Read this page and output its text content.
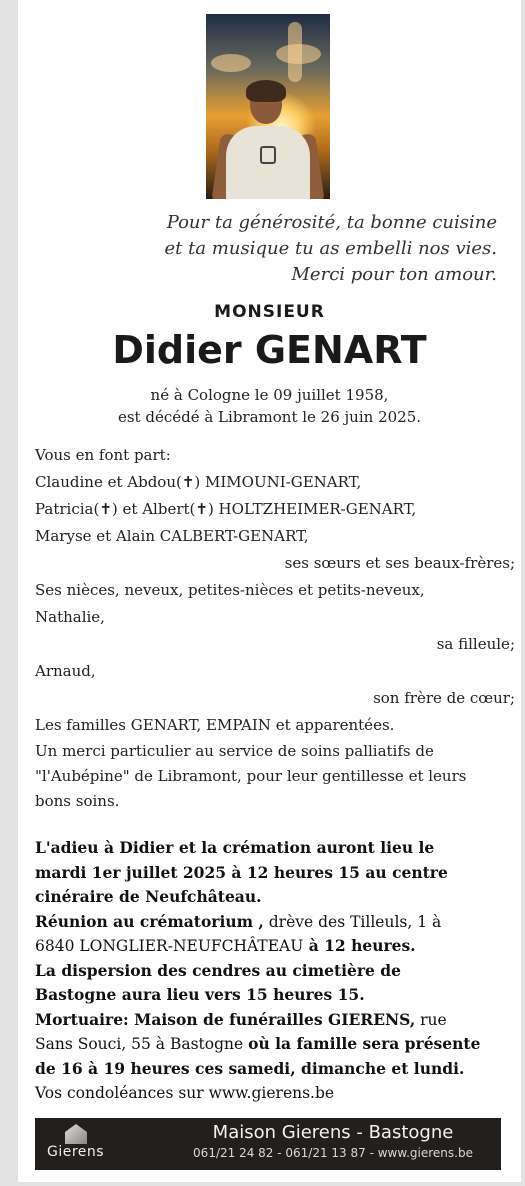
Pour ta générosité, ta bonne cuisine
et ta musique tu as embelli nos vies.
Merci pour ton amour.
MONSIEUR
Didier GENART
né à Cologne le 09 juillet 1958,
est décédé à Libramont le 26 juin 2025.
Vous en font part:
Claudine et Abdou(✝) MIMOUNI-GENART,
Patricia(✝) et Albert(✝) HOLTZHEIMER-GENART,
Maryse et Alain CALBERT-GENART,
ses sœurs et ses beaux-frères;
Ses nièces, neveux, petites-nièces et petits-neveux,
Nathalie,
sa filleule;
Arnaud,
son frère de cœur;
Les familles GENART, EMPAIN et apparentées.
Un merci particulier au service de soins palliatifs de
"l'Aubépine" de Libramont, pour leur gentillesse et leurs
bons soins.
L'adieu à Didier et la crémation auront lieu le
mardi 1er juillet 2025 à 12 heures 15 au centre
cinéraire de Neufchâteau.
Réunion au crématorium , drève des Tilleuls, 1 à
6840 LONGLIER-NEUFCHÂTEAU à 12 heures.
La dispersion des cendres au cimetière de
Bastogne aura lieu vers 15 heures 15.
Mortuaire: Maison de funérailles GIERENS, rue
Sans Souci, 55 à Bastogne où la famille sera présente
de 16 à 19 heures ces samedi, dimanche et lundi.
Vos condoléances sur www.gierens.be
Gierens
Maison Gierens - Bastogne
061/21 24 82 - 061/21 13 87 - www.gierens.be
